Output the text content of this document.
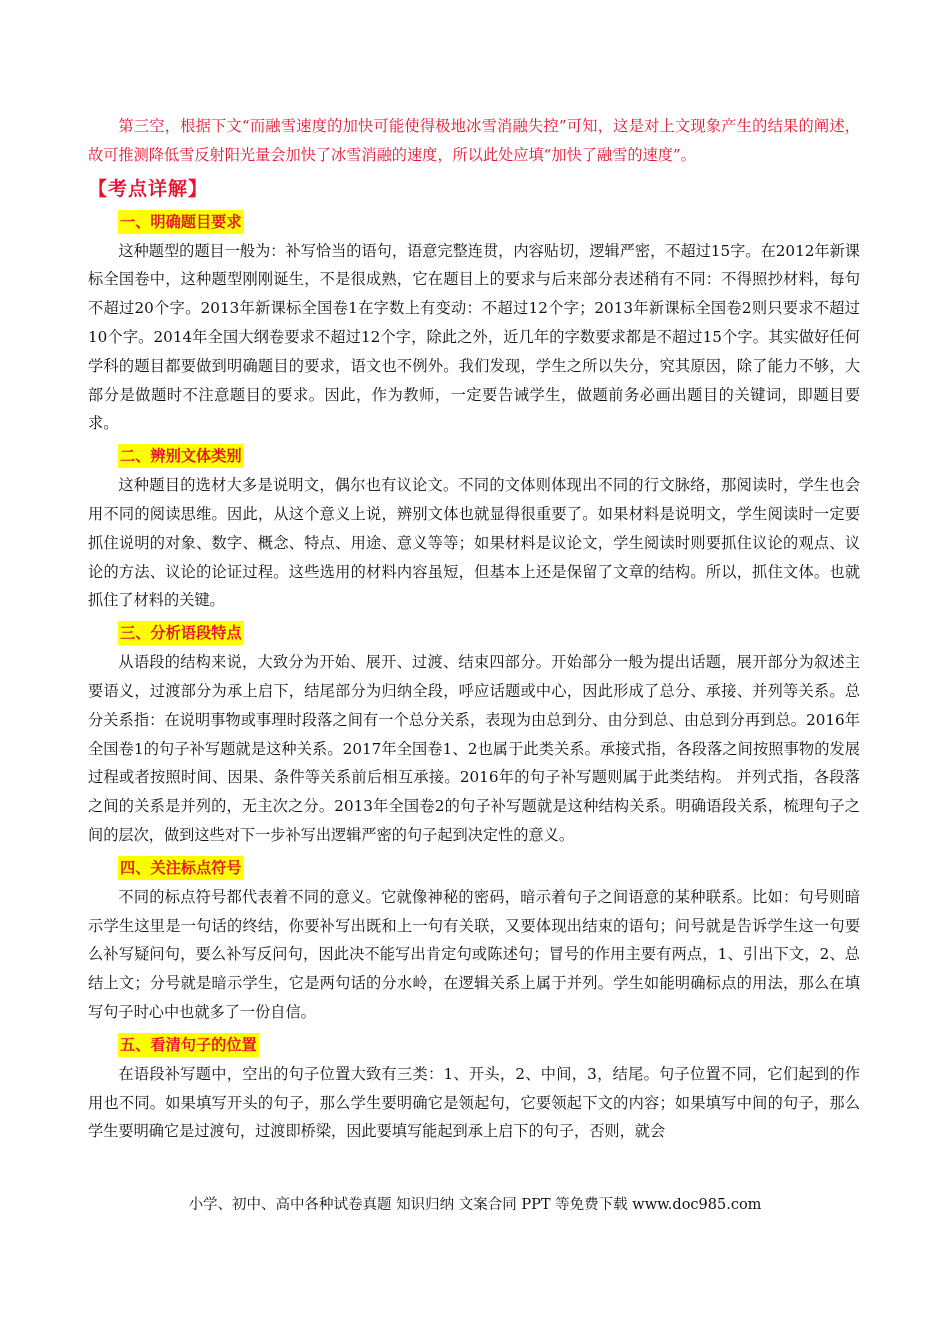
第三空，根据下文“而融雪速度的加快可能使得极地冰雪消融失控”可知，这是对上文现象产生的结果的阐述，故可推测降低雪反射阳光量会加快了冰雪消融的速度，所以此处应填“加快了融雪的速度”。

【考点详解】
一、明确题目要求

这种题型的题目一般为：补写恰当的语句，语意完整连贯，内容贴切，逻辑严密，不超过15字。在2012年新课标全国卷中，这种题型刚刚诞生，不是很成熟，它在题目上的要求与后来部分表述稍有不同：不得照抄材料，每句不超过20个字。2013年新课标全国卷1在字数上有变动：不超过12个字；2013年新课标全国卷2则只要求不超过10个字。2014年全国大纲卷要求不超过12个字，除此之外，近几年的字数要求都是不超过15个字。其实做好任何学科的题目都要做到明确题目的要求，语文也不例外。我们发现，学生之所以失分，究其原因，除了能力不够，大部分是做题时不注意题目的要求。因此，作为教师，一定要告诫学生，做题前务必画出题目的关键词，即题目要求。

二、辨别文体类别

这种题目的选材大多是说明文，偶尔也有议论文。不同的文体则体现出不同的行文脉络，那阅读时，学生也会用不同的阅读思维。因此，从这个意义上说，辨别文体也就显得很重要了。如果材料是说明文，学生阅读时一定要抓住说明的对象、数字、概念、特点、用途、意义等等；如果材料是议论文，学生阅读时则要抓住议论的观点、议论的方法、议论的论证过程。这些选用的材料内容虽短，但基本上还是保留了文章的结构。所以，抓住文体。也就抓住了材料的关键。

三、分析语段特点

从语段的结构来说，大致分为开始、展开、过渡、结束四部分。开始部分一般为提出话题，展开部分为叙述主要语义，过渡部分为承上启下，结尾部分为归纳全段，呼应话题或中心，因此形成了总分、承接、并列等关系。总分关系指：在说明事物或事理时段落之间有一个总分关系，表现为由总到分、由分到总、由总到分再到总。2016年全国卷1的句子补写题就是这种关系。2017年全国卷1、2也属于此类关系。承接式指，各段落之间按照事物的发展过程或者按照时间、因果、条件等关系前后相互承接。2016年的句子补写题则属于此类结构。 并列式指，各段落之间的关系是并列的，无主次之分。2013年全国卷2的句子补写题就是这种结构关系。明确语段关系，梳理句子之间的层次，做到这些对下一步补写出逻辑严密的句子起到决定性的意义。

四、关注标点符号

不同的标点符号都代表着不同的意义。它就像神秘的密码，暗示着句子之间语意的某种联系。比如：句号则暗示学生这里是一句话的终结，你要补写出既和上一句有关联，又要体现出结束的语句；问号就是告诉学生这一句要么补写疑问句，要么补写反问句，因此决不能写出肯定句或陈述句；冒号的作用主要有两点，1、引出下文，2、总结上文；分号就是暗示学生，它是两句话的分水岭，在逻辑关系上属于并列。学生如能明确标点的用法，那么在填写句子时心中也就多了一份自信。

五、看清句子的位置

在语段补写题中，空出的句子位置大致有三类：1、开头，2、中间，3，结尾。句子位置不同，它们起到的作用也不同。如果填写开头的句子，那么学生要明确它是领起句，它要领起下文的内容；如果填写中间的句子，那么学生要明确它是过渡句，过渡即桥梁，因此要填写能起到承上启下的句子，否则，就会

小学、初中、高中各种试卷真题 知识归纳 文案合同 PPT 等免费下载 www.doc985.com
